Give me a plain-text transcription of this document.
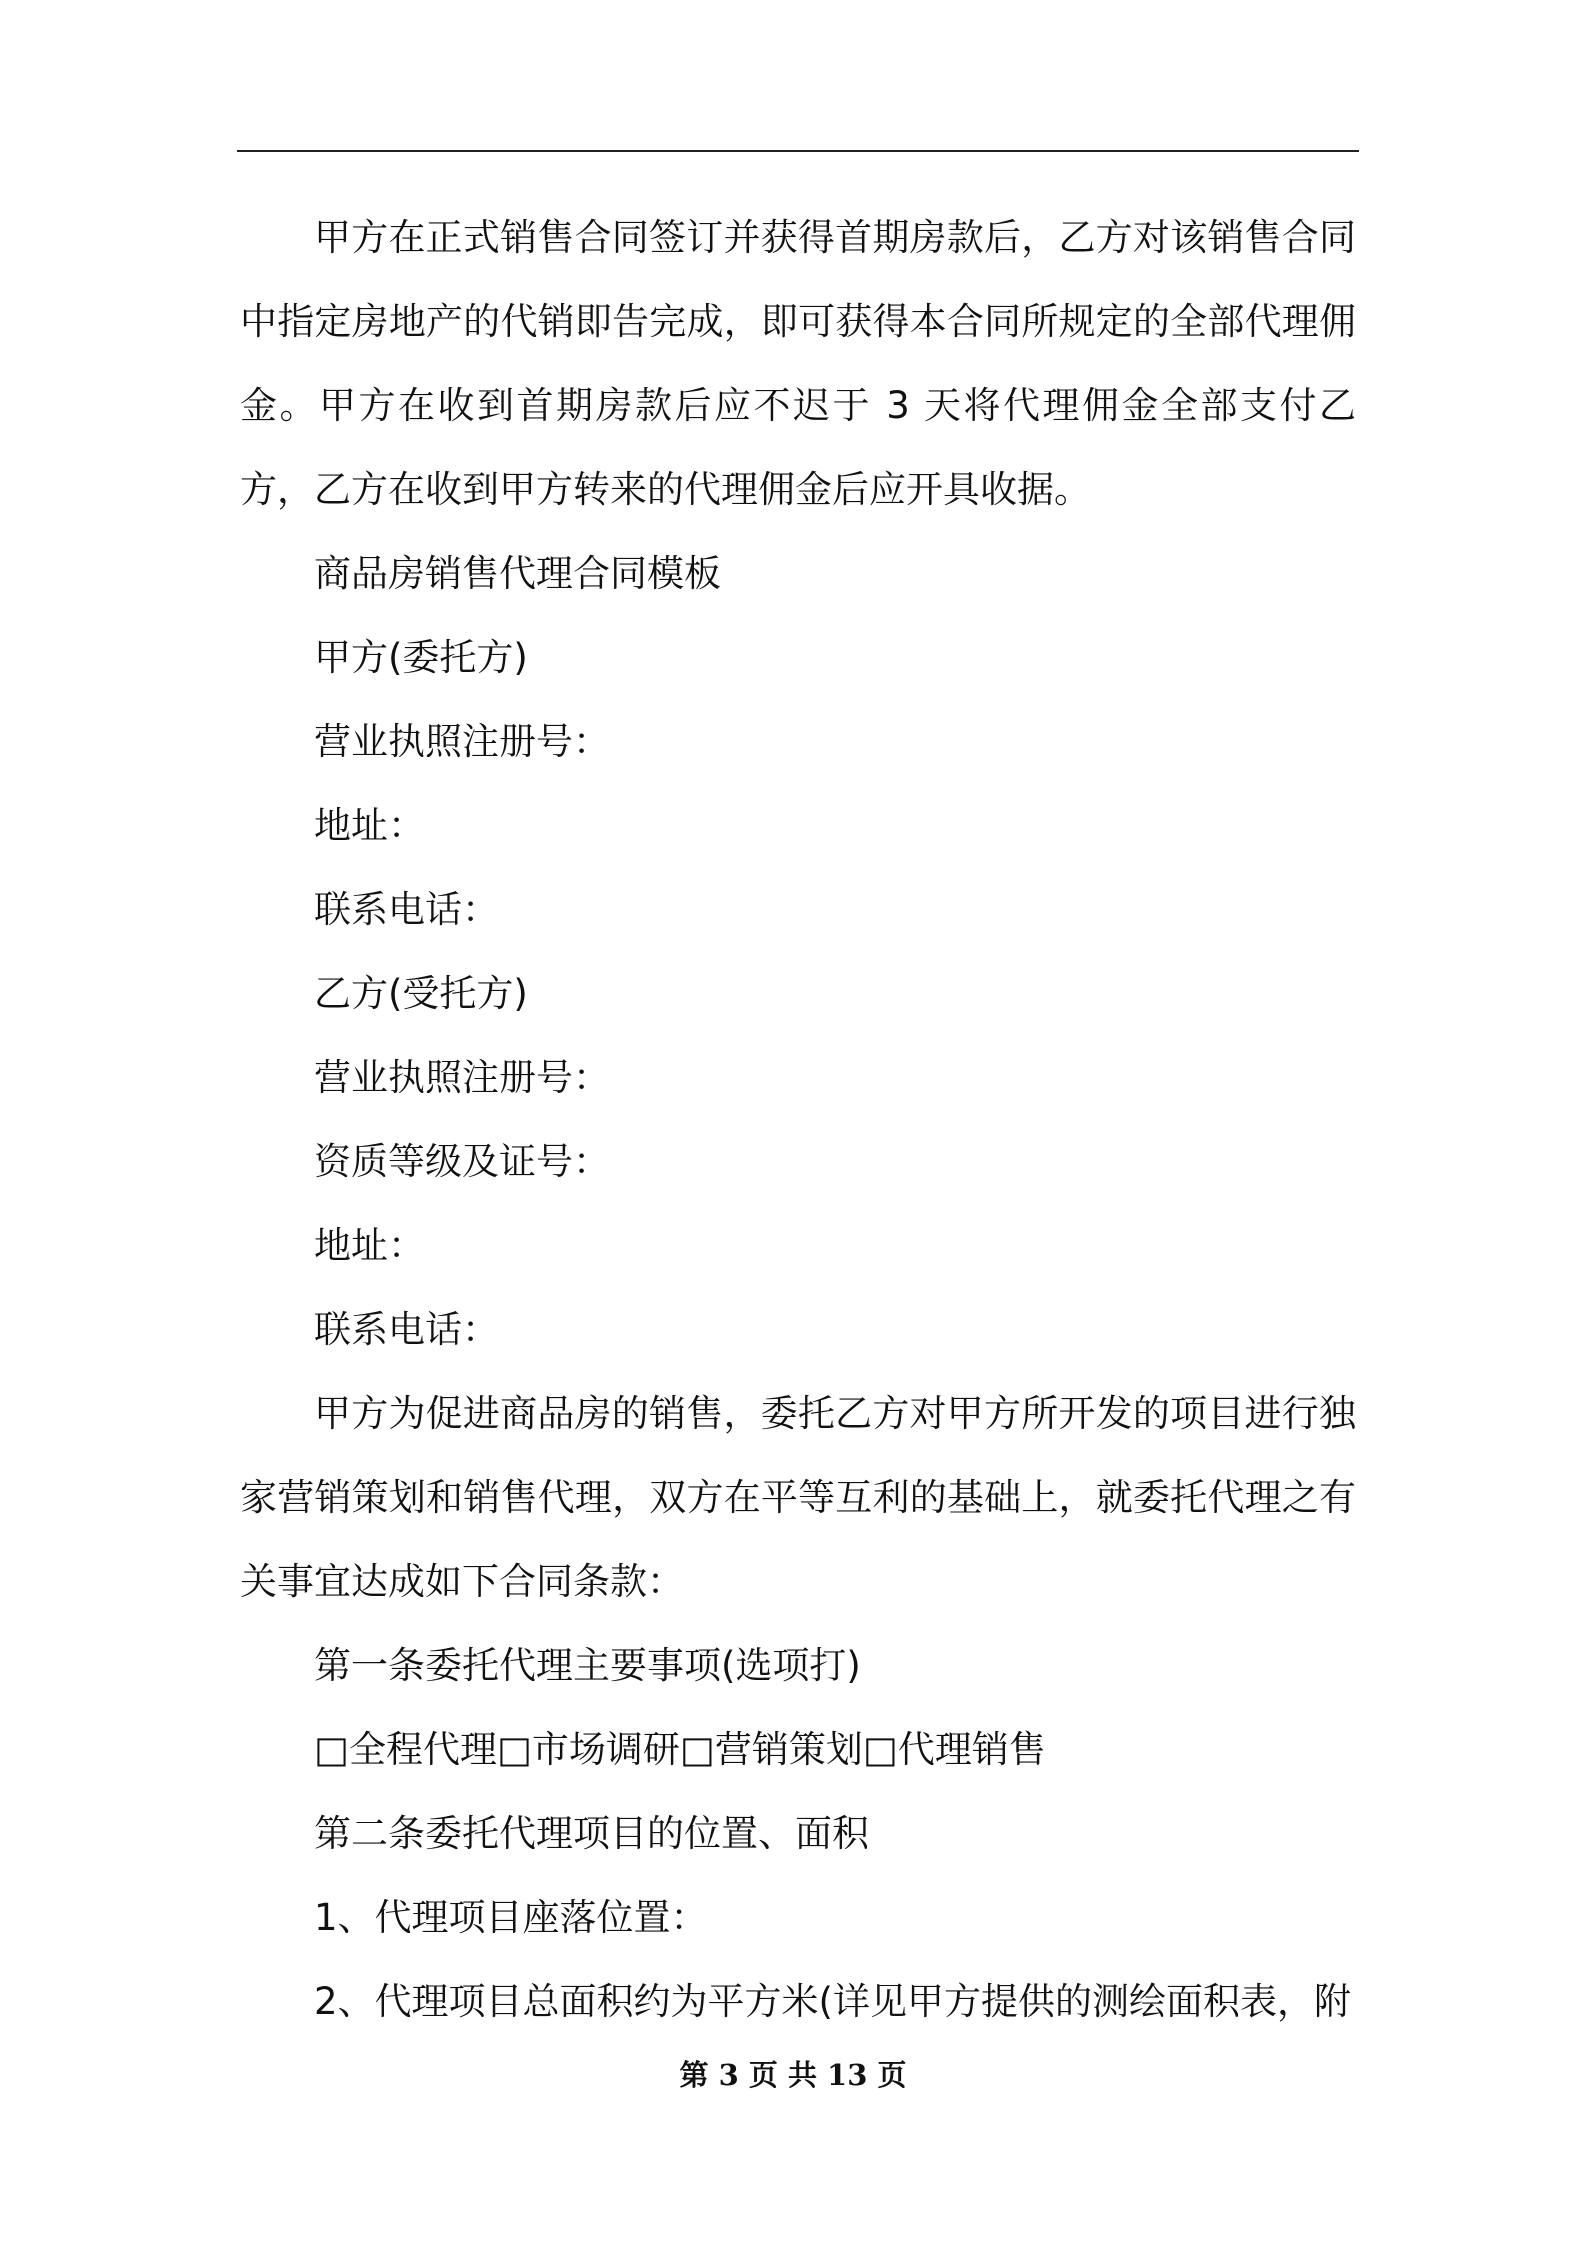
甲方在正式销售合同签订并获得首期房款后，乙方对该销售合同中指定房地产的代销即告完成，即可获得本合同所规定的全部代理佣金。甲方在收到首期房款后应不迟于 3 天将代理佣金全部支付乙方，乙方在收到甲方转来的代理佣金后应开具收据。

商品房销售代理合同模板

甲方(委托方)

营业执照注册号：

地址：

联系电话：

乙方(受托方)

营业执照注册号：

资质等级及证号：

地址：

联系电话：

甲方为促进商品房的销售，委托乙方对甲方所开发的项目进行独家营销策划和销售代理，双方在平等互利的基础上，就委托代理之有关事宜达成如下合同条款：

第一条委托代理主要事项(选项打)

□全程代理□市场调研□营销策划□代理销售

第二条委托代理项目的位置、面积

1、代理项目座落位置：

2、代理项目总面积约为平方米(详见甲方提供的测绘面积表，附

第 3 页 共 13 页
